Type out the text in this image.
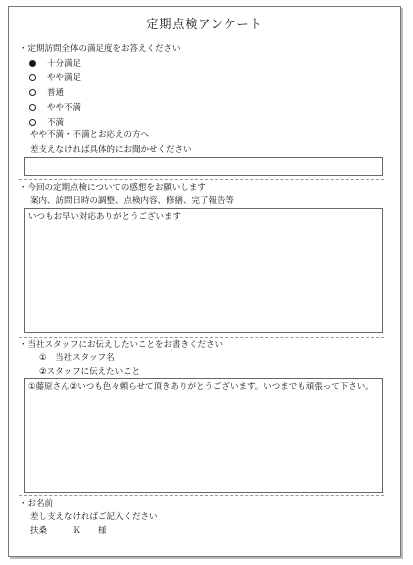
定期点検アンケート
・定期訪問全体の満足度をお答えください
十分満足
やや満足
普通
やや不満
不満
やや不満・不満とお応えの方へ
差支えなければ具体的にお聞かせください
・今回の定期点検についての感想をお願いします
案内、訪問日時の調整、点検内容、修繕、完了報告等
いつもお早い対応ありがとうございます
・当社スタッフにお伝えしたいことをお書きください
①　当社スタッフ名
②スタッフに伝えたいこと
①藤原さん②いつも色々頼らせて頂きありがとうございます。いつまでも頑張って下さい。
・お名前
差し支えなければご記入ください
扶桑　　　Ｋ　　様
